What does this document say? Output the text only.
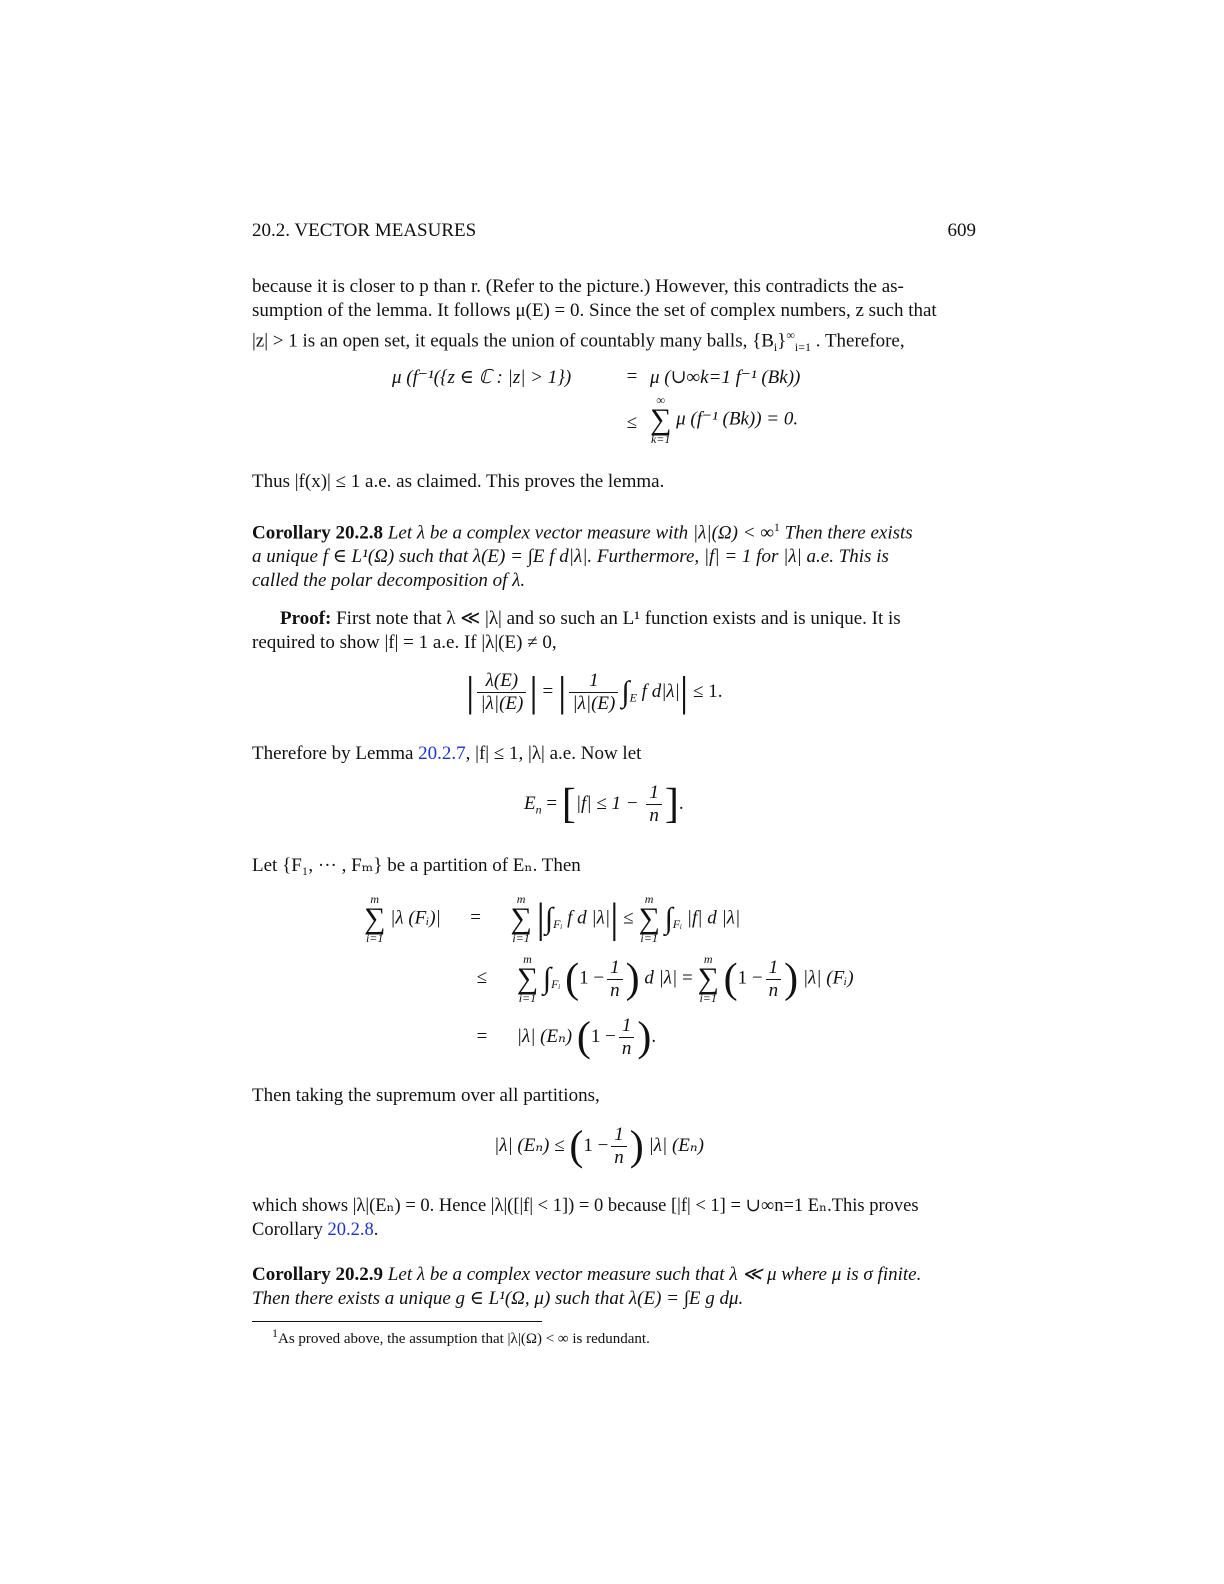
20.2. VECTOR MEASURES	609
because it is closer to p than r. (Refer to the picture.) However, this contradicts the as-
sumption of the lemma. It follows μ(E) = 0. Since the set of complex numbers, z such that
|z| > 1 is an open set, it equals the union of countably many balls, $\{B_i\}^\infty_{i=1}$ . Therefore,
μ (f⁻¹({z ∈ ℂ : |z| > 1})	= μ (∪∞k=1 f⁻¹ (Bk))
≤
∞
∑
k=1
μ (f⁻¹ (Bk)) = 0.
Thus |f(x)| ≤ 1 a.e. as claimed. This proves the lemma.
Corollary 20.2.8 Let λ be a complex vector measure with |λ|(Ω) < ∞$^1$ Then there exists
a unique f ∈ L¹(Ω) such that λ(E) = ∫E f d|λ|. Furthermore, |f| = 1 for |λ| a.e. This is
called the polar decomposition of λ.
Proof: First note that λ ≪ |λ| and so such an L¹ function exists and is unique. It is
required to show |f| = 1 a.e. If |λ|(E) ≠ 0,
| $\frac{\lambda(E)}{|\lambda|(E)}$ | = | $\frac{1}{|\lambda|(E)} \int_E$ f d|λ|| ≤ 1.
Therefore by Lemma 20.2.7, |f| ≤ 1, |λ| a.e. Now let
$E_n = [|f| \le 1 - \frac{1}{n}$ ].
Let {F₁, ··· , Fₘ} be a partition of Eₙ. Then
m
∑
i=1
|λ (Fᵢ)| =
m
∑
i=1 $|\int_{Fᵢ}$ f d |λ|| ≤
m
∑
i=1
$\int_{Fᵢ}$ |f| d |λ|
≤
m
∑
i=1
$\int_{Fᵢ}$ ($1 - \frac{1}{n}$ ) d |λ| =
m
∑
i=1 ($1 - \frac{1}{n}$ ) |λ| (Fᵢ)
= |λ| (Eₙ) ($1 - \frac{1}{n}$ ).
Then taking the supremum over all partitions,
|λ| $(E_n) \le (1 - \frac{1}{n}$ ) |λ| (Eₙ)
which shows |λ|(Eₙ) = 0. Hence |λ|([|f| < 1]) = 0 because [|f| < 1] = ∪∞n=1 Eₙ.This proves
Corollary 20.2.8.
Corollary 20.2.9 Let λ be a complex vector measure such that λ ≪ μ where μ is σ finite.
Then there exists a unique g ∈ L¹(Ω, μ) such that λ(E) = ∫E g dμ.
$^1$As proved above, the assumption that |λ|(Ω) < ∞ is redundant.
